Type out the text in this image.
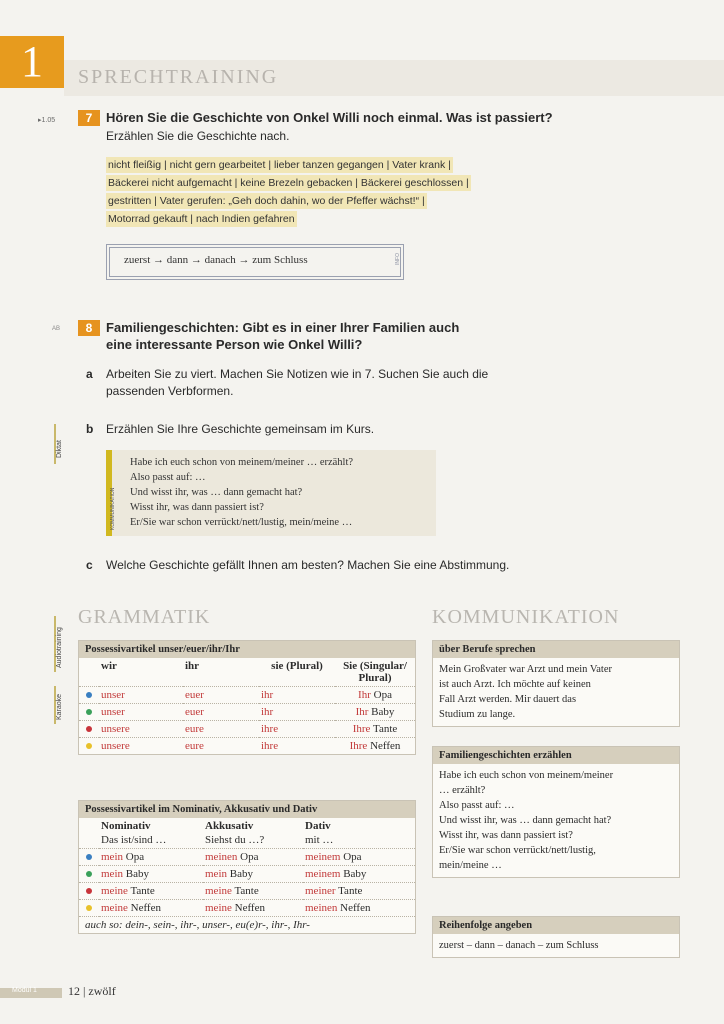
1	SPRECHTRAINING
▸1.05	7	Hören Sie die Geschichte von Onkel Willi noch einmal. Was ist passiert?
Erzählen Sie die Geschichte nach.
nicht fleißig | nicht gern gearbeitet | lieber tanzen gegangen | Vater krank |
Bäckerei nicht aufgemacht | keine Brezeln gebacken | Bäckerei geschlossen |
gestritten | Vater gerufen: „Geh doch dahin, wo der Pfeffer wächst!“ |
Motorrad gekauft | nach Indien gefahren
zuerst → dann → danach → zum Schluss	INFO
AB	8	Familiengeschichten: Gibt es in einer Ihrer Familien auch
eine interessante Person wie Onkel Willi?
a Arbeiten Sie zu viert. Machen Sie Notizen wie in 7. Suchen Sie auch die
passenden Verbformen.
Diktat
b Erzählen Sie Ihre Geschichte gemeinsam im Kurs.
KOMMUNIKATION
Habe ich euch schon von meinem/meiner … erzählt?
Also passt auf: …
Und wisst ihr, was … dann gemacht hat?
Wisst ihr, was dann passiert ist?
Er/Sie war schon verrückt/nett/lustig, mein/meine …
c Welche Geschichte gefällt Ihnen am besten? Machen Sie eine Abstimmung.
Audiotraining
Karaoke
GRAMMATIK
Possessivartikel unser/euer/ihr/Ihr
	wir	ihr	sie (Plural)	Sie (Singular/ Plural)
	unser	euer	ihr	Ihr Opa
	unser	euer	ihr	Ihr Baby
	unsere	eure	ihre	Ihre Tante
	unsere	eure	ihre	Ihre Neffen
Possessivartikel im Nominativ, Akkusativ und Dativ
	Nominativ	Akkusativ	Dativ
	Das ist/sind …	Siehst du …?	mit …
	mein Opa	meinen Opa	meinem Opa
	mein Baby	mein Baby	meinem Baby
	meine Tante	meine Tante	meiner Tante
	meine Neffen	meine Neffen	meinen Neffen
auch so: dein-, sein-, ihr-, unser-, eu(e)r-, ihr-, Ihr-			
KOMMUNIKATION
über Berufe sprechen
Mein Großvater war Arzt und mein Vater
ist auch Arzt. Ich möchte auf keinen
Fall Arzt werden. Mir dauert das
Studium zu lange.
Familiengeschichten erzählen
Habe ich euch schon von meinem/meiner
… erzählt?
Also passt auf: …
Und wisst ihr, was … dann gemacht hat?
Wisst ihr, was dann passiert ist?
Er/Sie war schon verrückt/nett/lustig,
mein/meine …
Reihenfolge angeben
zuerst – dann – danach – zum Schluss
Modul 1	12 | zwölf
